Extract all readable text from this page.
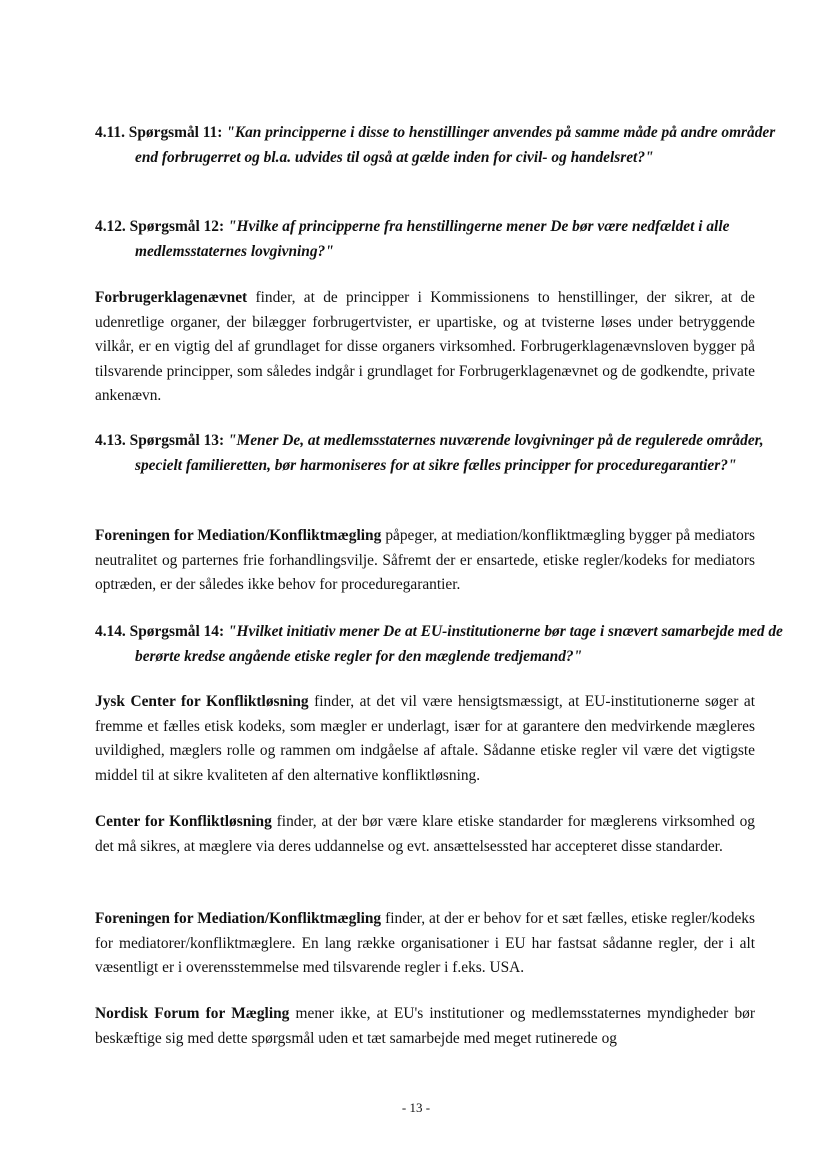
4.11. Spørgsmål 11: "Kan principperne i disse to henstillinger anvendes på samme måde på andre områder end forbrugerret og bl.a. udvides til også at gælde inden for civil- og handelsret?"

4.12. Spørgsmål 12: "Hvilke af principperne fra henstillingerne mener De bør være nedfældet i alle medlemsstaternes lovgivning?"

Forbrugerklagenævnet finder, at de principper i Kommissionens to henstillinger, der sikrer, at de udenretlige organer, der bilægger forbrugertvister, er upartiske, og at tvisterne løses under betryggende vilkår, er en vigtig del af grundlaget for disse organers virksomhed. Forbrugerklagenævnsloven bygger på tilsvarende principper, som således indgår i grundlaget for Forbrugerklagenævnet og de godkendte, private ankenævn.

4.13. Spørgsmål 13: "Mener De, at medlemsstaternes nuværende lovgivninger på de regulerede områder, specielt familieretten, bør harmoniseres for at sikre fælles principper for proceduregarantier?"

Foreningen for Mediation/Konfliktmægling påpeger, at mediation/konfliktmægling bygger på mediators neutralitet og parternes frie forhandlingsvilje. Såfremt der er ensartede, etiske regler/kodeks for mediators optræden, er der således ikke behov for proceduregarantier.

4.14. Spørgsmål 14: "Hvilket initiativ mener De at EU-institutionerne bør tage i snævert samarbejde med de berørte kredse angående etiske regler for den mæglende tredjemand?"

Jysk Center for Konfliktløsning finder, at det vil være hensigtsmæssigt, at EU-institutionerne søger at fremme et fælles etisk kodeks, som mægler er underlagt, især for at garantere den medvirkende mægleres uvildighed, mæglers rolle og rammen om indgåelse af aftale. Sådanne etiske regler vil være det vigtigste middel til at sikre kvaliteten af den alternative konfliktløsning.

Center for Konfliktløsning finder, at der bør være klare etiske standarder for mæglerens virksomhed og det må sikres, at mæglere via deres uddannelse og evt. ansættelsessted har accepteret disse standarder.

Foreningen for Mediation/Konfliktmægling finder, at der er behov for et sæt fælles, etiske regler/kodeks for mediatorer/konfliktmæglere. En lang række organisationer i EU har fastsat sådanne regler, der i alt væsentligt er i overensstemmelse med tilsvarende regler i f.eks. USA.

Nordisk Forum for Mægling mener ikke, at EU's institutioner og medlemsstaternes myndigheder bør beskæftige sig med dette spørgsmål uden et tæt samarbejde med meget rutinerede og

- 13 -
